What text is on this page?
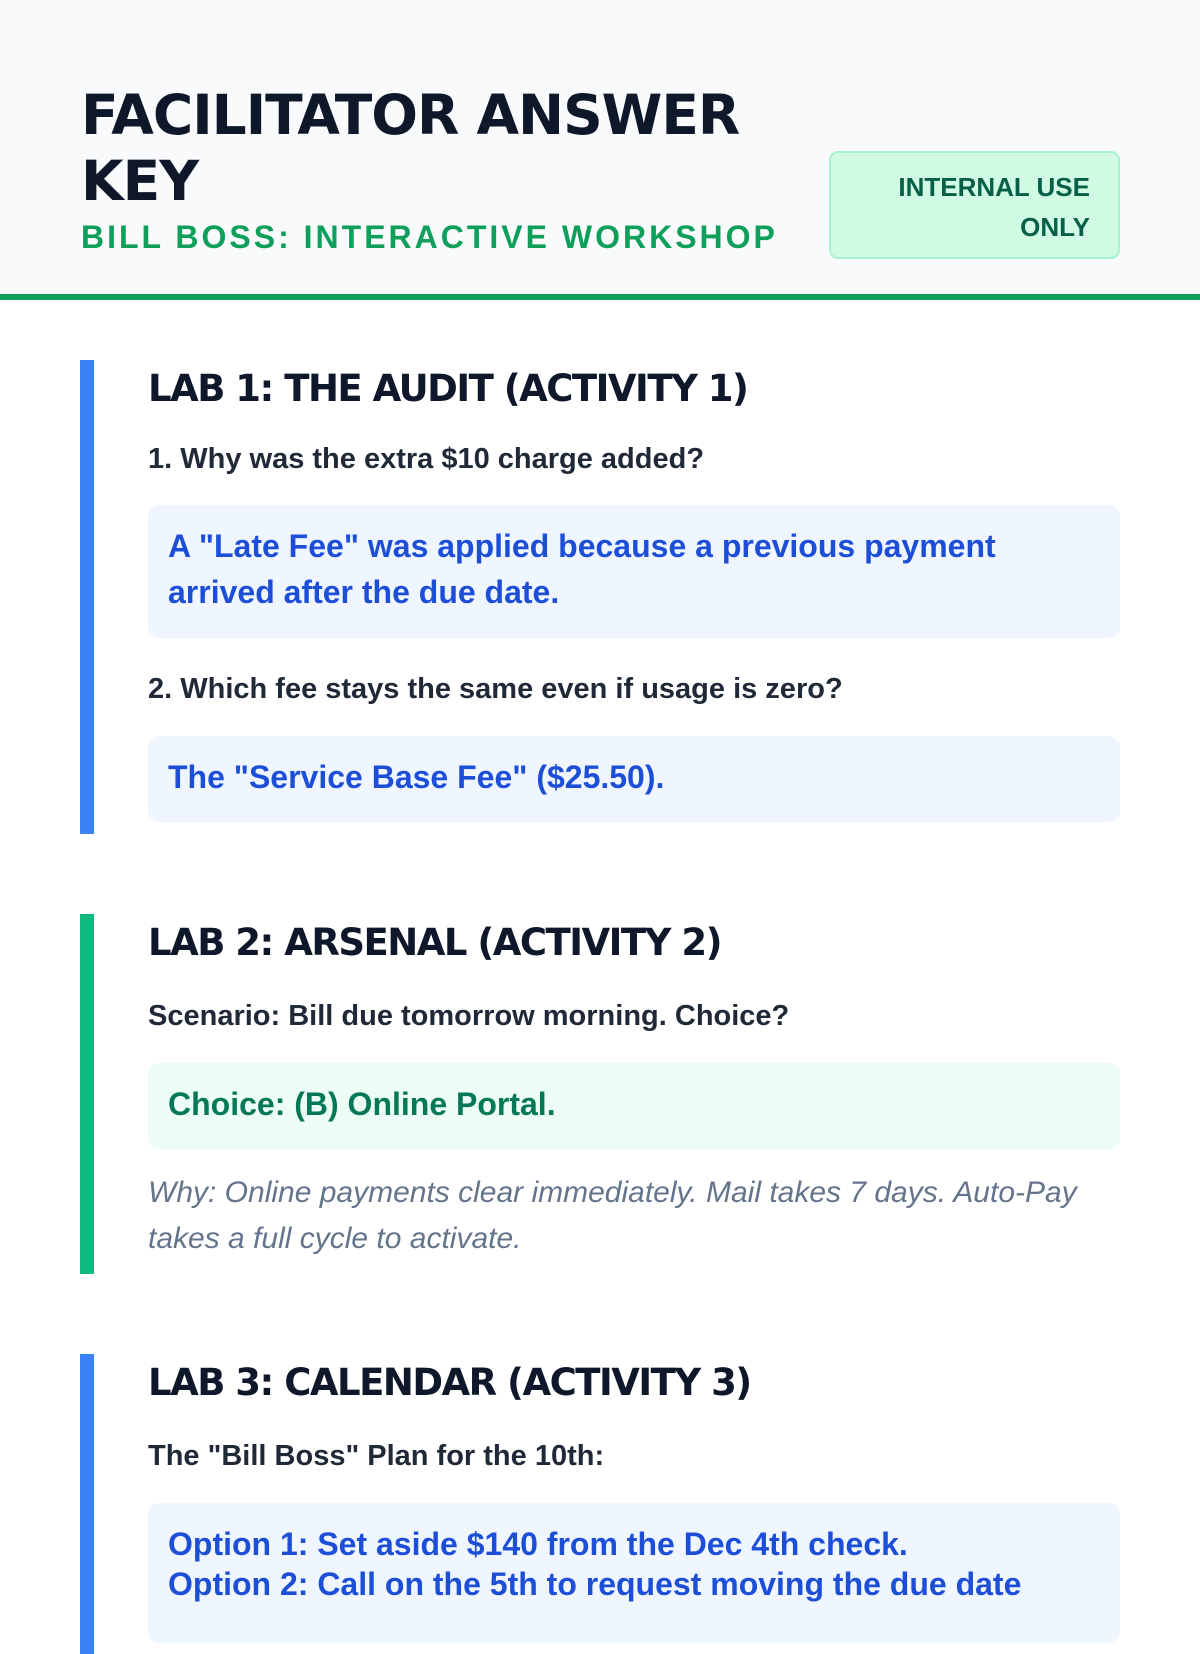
FACILITATOR ANSWER KEY
BILL BOSS: INTERACTIVE WORKSHOP
INTERNAL USE ONLY
LAB 1: THE AUDIT (ACTIVITY 1)

1. Why was the extra $10 charge added?

A "Late Fee" was applied because a previous payment arrived after the due date.

2. Which fee stays the same even if usage is zero?

The "Service Base Fee" ($25.50).
LAB 2: ARSENAL (ACTIVITY 2)

Scenario: Bill due tomorrow morning. Choice?

Choice: (B) Online Portal.

Why: Online payments clear immediately. Mail takes 7 days. Auto-Pay takes a full cycle to activate.

LAB 3: CALENDAR (ACTIVITY 3)

The "Bill Boss" Plan for the 10th:

Option 1: Set aside $140 from the Dec 4th check.
Option 2: Call on the 5th to request moving the due date
